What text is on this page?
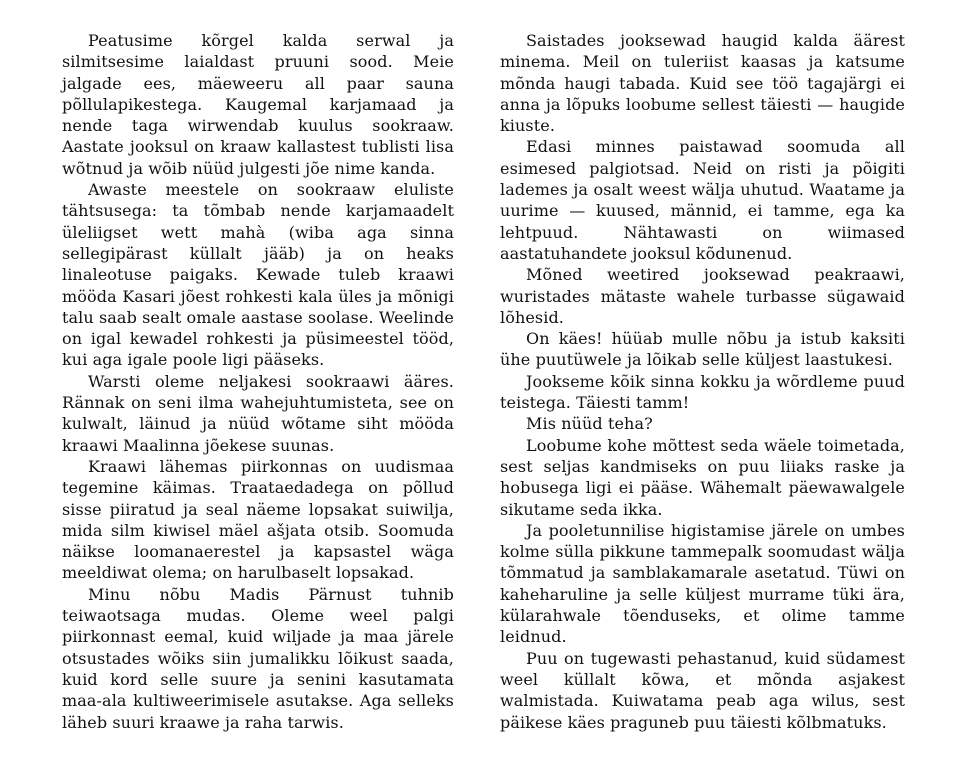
Peatusime kõrgel kalda serwal ja silmitsesime laialdast pruuni sood. Meie jalgade ees, mäeweeru all paar sauna põllulapikestega. Kaugemal karjamaad ja nende taga wirwendab kuulus sookraaw. Aastate jooksul on kraaw kallastest tublisti lisa wõtnud ja wõib nüüd julgesti jõe nime kanda.

Awaste meestele on sookraaw eluliste tähtsusega: ta tõmbab nende karjamaadelt üleliigset wett mahà (wiba aga sinna sellegipärast küllalt jääb) ja on heaks linaleotuse paigaks. Kewade tuleb kraawi mööda Kasari jõest rohkesti kala üles ja mõnigi talu saab sealt omale aastase soolase. Weelinde on igal kewadel rohkesti ja püsimeestel tööd, kui aga igale poole ligi pääseks.

Warsti oleme neljakesi sookraawi ääres. Rännak on seni ilma wahejuhtumisteta, see on kulwalt, läinud ja nüüd wõtame siht mööda kraawi Maalinna jõekese suunas.

Kraawi lähemas piirkonnas on uudismaa tegemine käimas. Traataedadega on põllud sisse piiratud ja seal näeme lopsakat suiwilja, mida silm kiwisel mäel ašjata otsib. Soomuda näikse loomanaerestel ja kapsastel wäga meeldiwat olema; on harulbaselt lopsakad.

Minu nõbu Madis Pärnust tuhnib teiwaotsaga mudas. Oleme weel palgi piirkonnast eemal, kuid wiljade ja maa järele otsustades wõiks siin jumalikku lõikust saada, kuid kord selle suure ja senini kasutamata maa-ala kultiweerimisele asutakse. Aga selleks läheb suuri kraawe ja raha tarwis.

Saistades jooksewad haugid kalda äärest minema. Meil on tuleriist kaasas ja katsume mõnda haugi tabada. Kuid see töö tagajärgi ei anna ja lõpuks loobume sellest täiesti — haugide kiuste.

Edasi minnes paistawad soomuda all esimesed palgiotsad. Neid on risti ja põigiti lademes ja osalt weest wälja uhutud. Waatame ja uurime — kuused, männid, ei tamme, ega ka lehtpuud. Nähtawasti on wiimased aastatuhandete jooksul kõdunenud.

Mõned weetired jooksewad peakraawi, wuristades mätaste wahele turbasse sügawaid lõhesid.

On käes! hüüab mulle nõbu ja istub kaksiti ühe puutüwele ja lõikab selle küljest laastukesi.

Jookseme kõik sinna kokku ja wõrdleme puud teistega. Täiesti tamm!

Mis nüüd teha?

Loobume kohe mõttest seda wäele toimetada, sest seljas kandmiseks on puu liiaks raske ja hobusega ligi ei pääse. Wähemalt päewawalgele sikutame seda ikka.

Ja pooletunnilise higistamise järele on umbes kolme sülla pikkune tammepalk soomudast wälja tõmmatud ja samblakamarale asetatud. Tüwi on kaheharuline ja selle küljest murrame tüki ära, külarahwale tõenduseks, et olime tamme leidnud.

Puu on tugewasti pehastanud, kuid südamest weel küllalt kõwa, et mõnda asjakest walmistada. Kuiwatama peab aga wilus, sest päikese käes praguneb puu täiesti kõlbmatuks.
